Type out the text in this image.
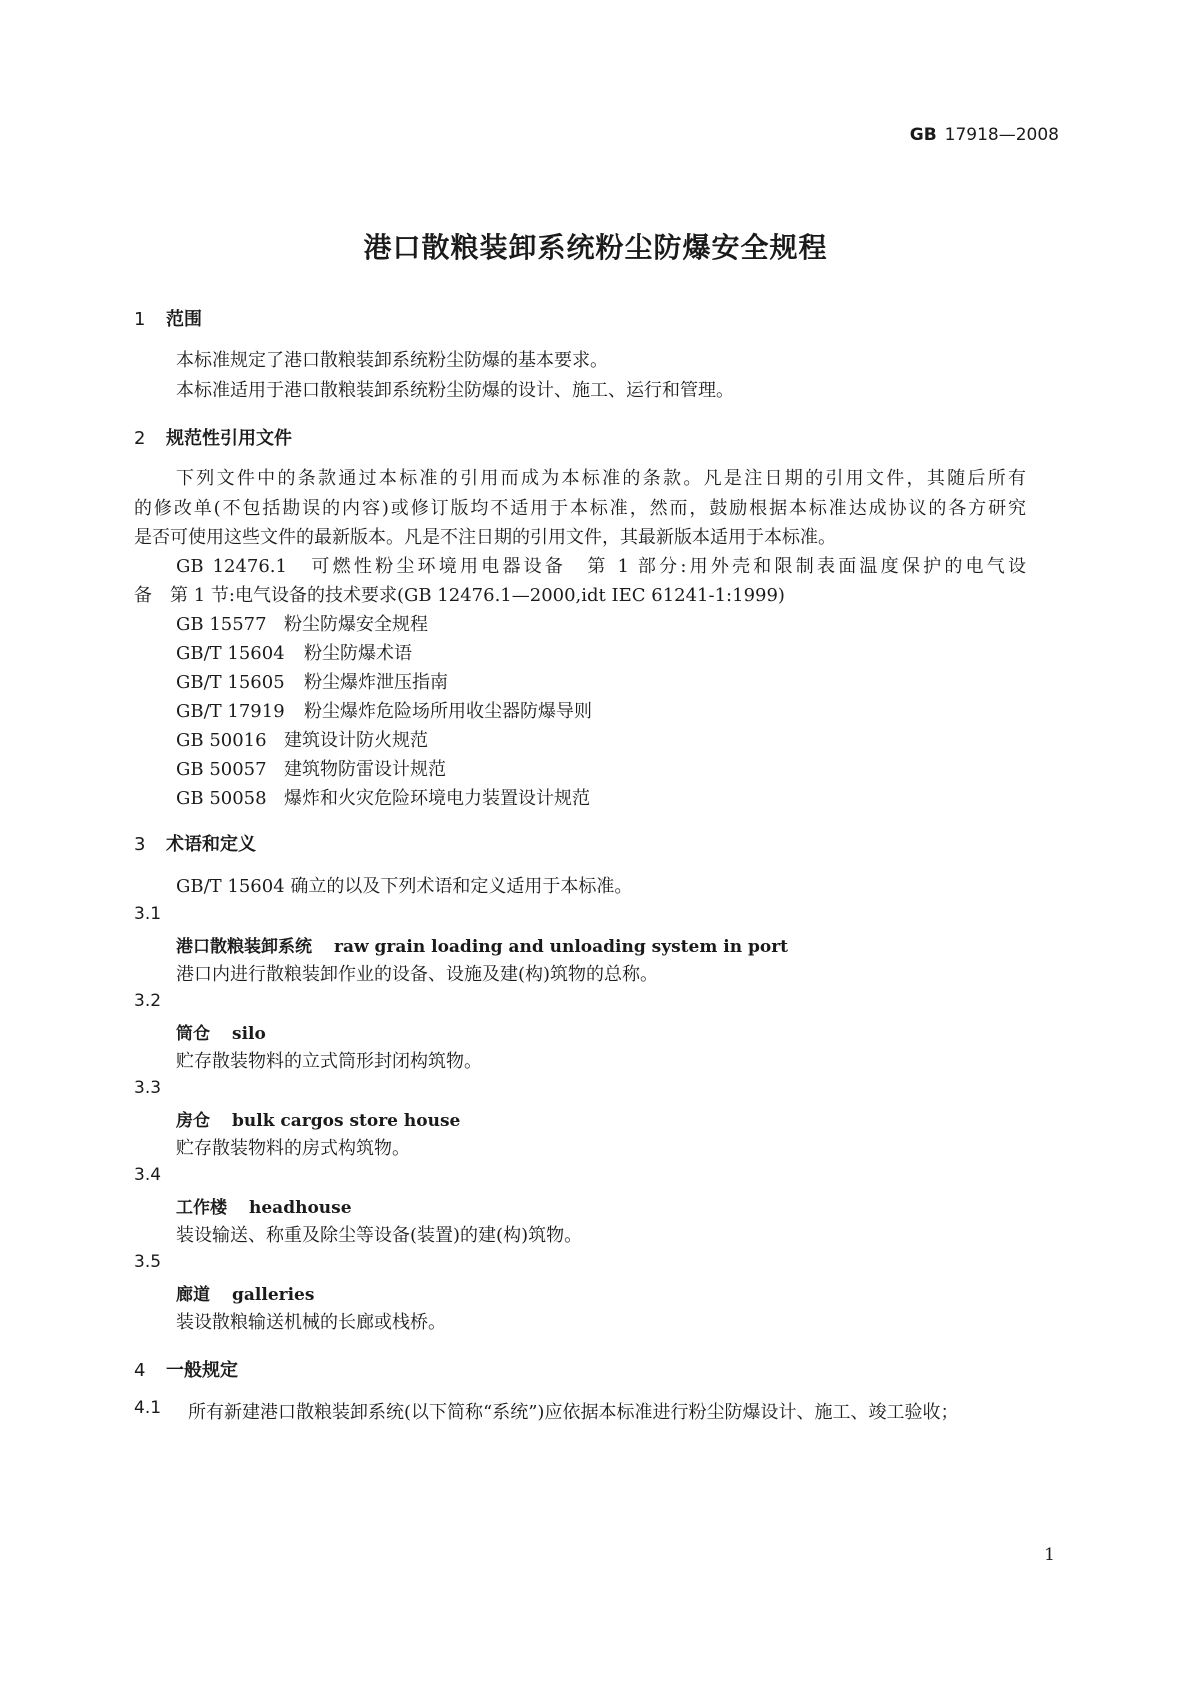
GB 17918—2008
港口散粮装卸系统粉尘防爆安全规程
1 范围
本标准规定了港口散粮装卸系统粉尘防爆的基本要求。
本标准适用于港口散粮装卸系统粉尘防爆的设计、施工、运行和管理。
2 规范性引用文件
下列文件中的条款通过本标准的引用而成为本标准的条款。凡是注日期的引用文件，其随后所有
的修改单(不包括勘误的内容)或修订版均不适用于本标准，然而，鼓励根据本标准达成协议的各方研究
是否可使用这些文件的最新版本。凡是不注日期的引用文件，其最新版本适用于本标准。
GB 12476.1　可燃性粉尘环境用电器设备　第 1 部分:用外壳和限制表面温度保护的电气设
备　第 1 节:电气设备的技术要求(GB 12476.1—2000,idt IEC 61241-1:1999)
GB 15577 粉尘防爆安全规程
GB/T 15604 粉尘防爆术语
GB/T 15605 粉尘爆炸泄压指南
GB/T 17919 粉尘爆炸危险场所用收尘器防爆导则
GB 50016 建筑设计防火规范
GB 50057 建筑物防雷设计规范
GB 50058 爆炸和火灾危险环境电力装置设计规范
3 术语和定义
GB/T 15604 确立的以及下列术语和定义适用于本标准。
3.1
港口散粮装卸系统 raw grain loading and unloading system in port
港口内进行散粮装卸作业的设备、设施及建(构)筑物的总称。
3.2
筒仓 silo
贮存散装物料的立式筒形封闭构筑物。
3.3
房仓 bulk cargos store house
贮存散装物料的房式构筑物。
3.4
工作楼 headhouse
装设输送、称重及除尘等设备(装置)的建(构)筑物。
3.5
廊道 galleries
装设散粮输送机械的长廊或栈桥。
4 一般规定
4.1 所有新建港口散粮装卸系统(以下简称“系统”)应依据本标准进行粉尘防爆设计、施工、竣工验收；
1
